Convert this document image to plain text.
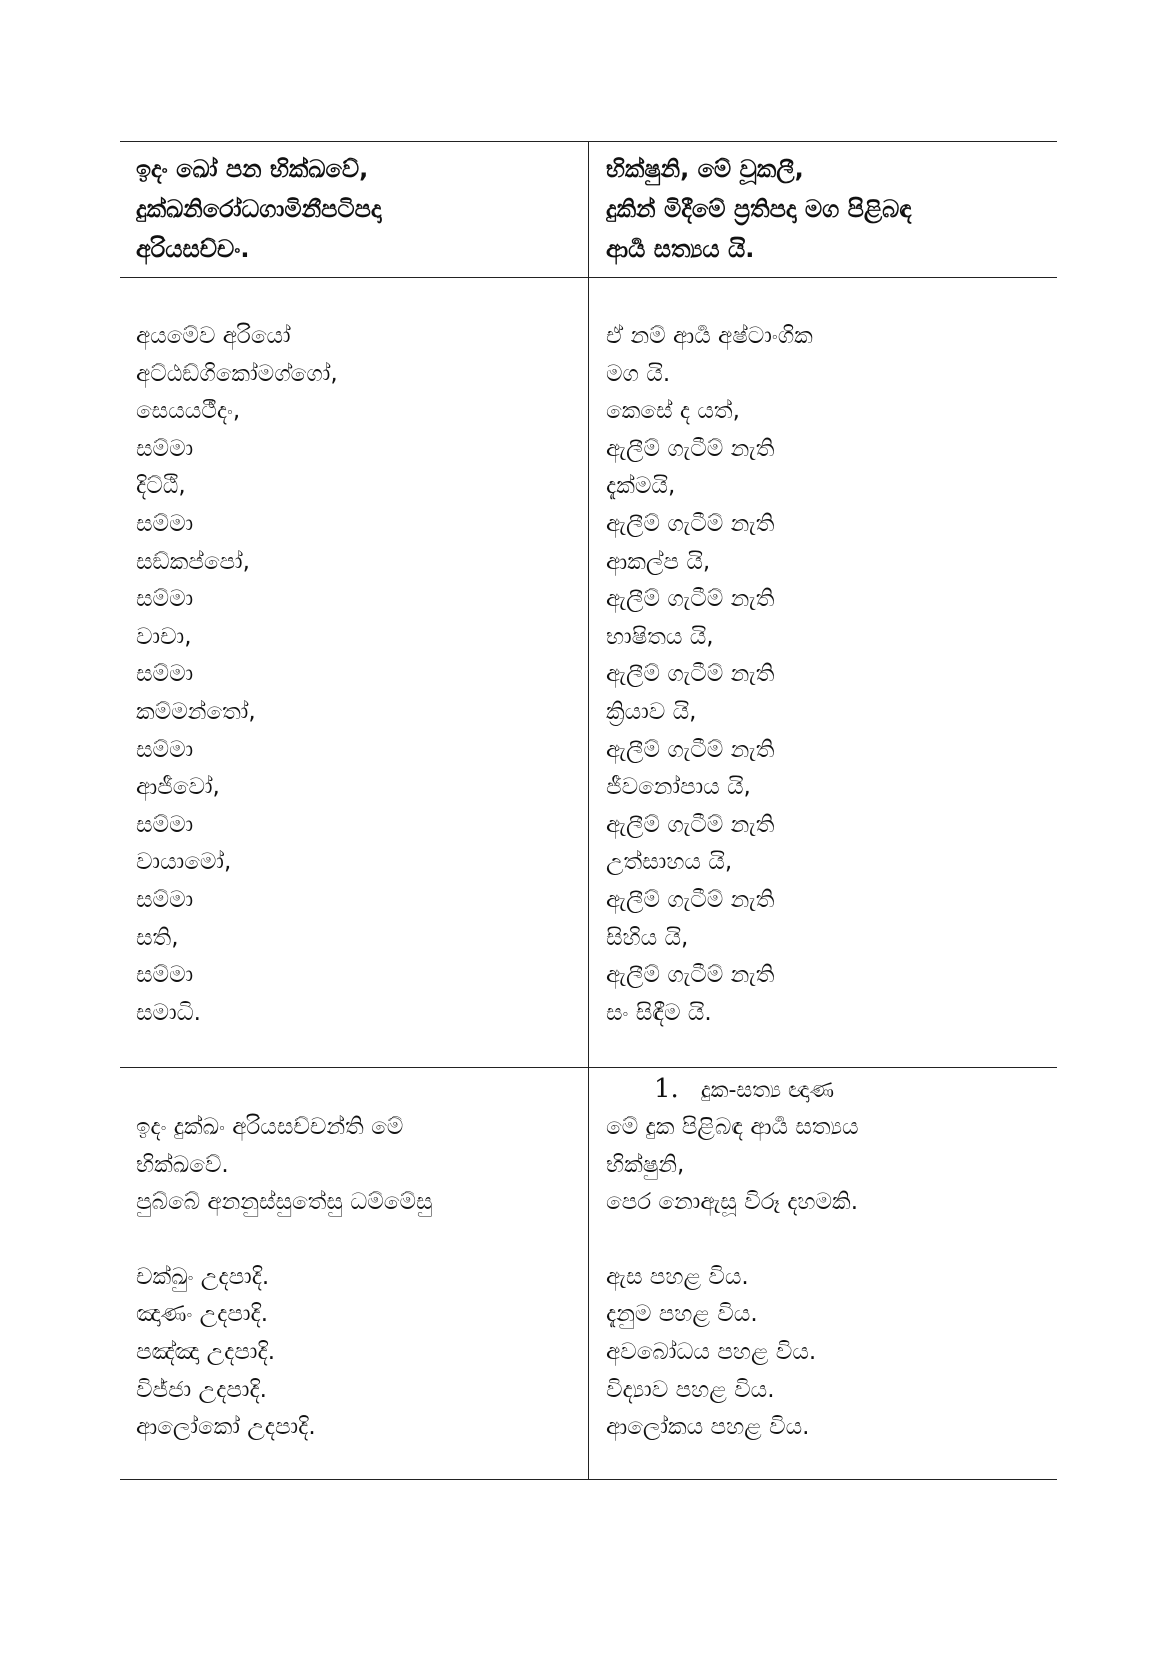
ඉදං ඛෝ පන භික්ඛවේ,
දුක්ඛනිරෝධගාමිනීපටිපදා
අරියසච්චං.
භික්ෂුනි, මේ වූකලී,
දුකින් මිදීමේ ප්‍රතිපදා මග පිළිබඳ
ආර්‍ය සත්‍යය යි.
අයමේව අරියෝ
අට්ඨඞ්ගිකෝමග්ගෝ,
සෙයයථීදං,
සම්මා
දිට්ඨි,
සම්මා
සඞ්කප්පෝ,
සම්මා
වාචා,
සම්මා
කම්මන්තෝ,
සම්මා
ආජීවෝ,
සම්මා
වායාමෝ,
සම්මා
සති,
සම්මා
සමාධි.
ඒ නම් ආර්‍ය අෂ්ටාංගික
මග යි.
කෙසේ ද යත්,
ඇලීම් ගැටීම් නැති
දැක්මයි,
ඇලීම් ගැටීම් නැති
ආකල්ප යි,
ඇලීම් ගැටීම් නැති
භාෂිතය යි,
ඇලීම් ගැටීම් නැති
ක්‍රියාව යි,
ඇලීම් ගැටීම් නැති
ජීවනෝපාය යි,
ඇලීම් ගැටීම් නැති
උත්සාහය යි,
ඇලීම් ගැටීම් නැති
සිහිය යි,
ඇලීම් ගැටීම් නැති
සං සිඳීම යි.
1. දුක-සත්‍ය ඥාණ
ඉදං දුක්ඛං අරියසච්චන්ති මේ
භික්ඛවේ.
පුබ්බේ අනනුස්සුතේසු ධම්මේසු
චක්ඛුං උදපාදි.
ඤාණං උදපාදි.
පඤ්ඤා උදපාදි.
විජ්ජා උදපාදි.
ආලෝකෝ උදපාදි.
මේ දුක පිළිබඳ ආර්‍ය සත්‍යය
භික්ෂුනි,
පෙර නොඇසූ විරූ දහමකි.
ඇස පහළ විය.
දැනුම පහළ විය.
අවබෝධය පහළ විය.
විද්‍යාව පහළ විය.
ආලෝකය පහළ විය.
